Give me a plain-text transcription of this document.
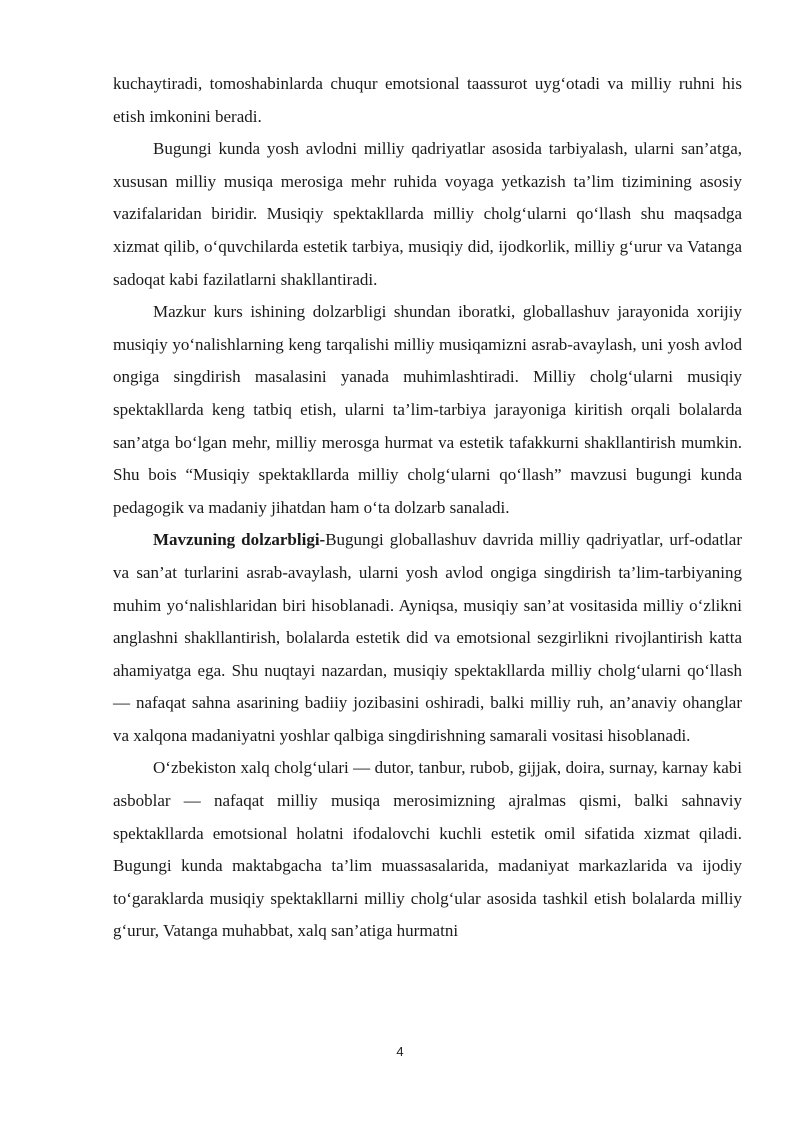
kuchaytiradi, tomoshabinlarda chuqur emotsional taassurot uyg‘otadi va milliy ruhni his etish imkonini beradi.

Bugungi kunda yosh avlodni milliy qadriyatlar asosida tarbiyalash, ularni san’atga, xususan milliy musiqa merosiga mehr ruhida voyaga yetkazish ta’lim tizimining asosiy vazifalaridan biridir. Musiqiy spektakllarda milliy cholg‘ularni qo‘llash shu maqsadga xizmat qilib, o‘quvchilarda estetik tarbiya, musiqiy did, ijodkorlik, milliy g‘urur va Vatanga sadoqat kabi fazilatlarni shakllantiradi.

Mazkur kurs ishining dolzarbligi shundan iboratki, globallashuv jarayonida xorijiy musiqiy yo‘nalishlarning keng tarqalishi milliy musiqamizni asrab-avaylash, uni yosh avlod ongiga singdirish masalasini yanada muhimlashtiradi. Milliy cholg‘ularni musiqiy spektakllarda keng tatbiq etish, ularni ta’lim-tarbiya jarayoniga kiritish orqali bolalarda san’atga bo‘lgan mehr, milliy merosga hurmat va estetik tafakkurni shakllantirish mumkin. Shu bois “Musiqiy spektakllarda milliy cholg‘ularni qo‘llash” mavzusi bugungi kunda pedagogik va madaniy jihatdan ham o‘ta dolzarb sanaladi.

Mavzuning dolzarbligi-Bugungi globallashuv davrida milliy qadriyatlar, urf-odatlar va san’at turlarini asrab-avaylash, ularni yosh avlod ongiga singdirish ta’lim-tarbiyaning muhim yo‘nalishlaridan biri hisoblanadi. Ayniqsa, musiqiy san’at vositasida milliy o‘zlikni anglashni shakllantirish, bolalarda estetik did va emotsional sezgirlikni rivojlantirish katta ahamiyatga ega. Shu nuqtayi nazardan, musiqiy spektakllarda milliy cholg‘ularni qo‘llash — nafaqat sahna asarining badiiy jozibasini oshiradi, balki milliy ruh, an’anaviy ohanglar va xalqona madaniyatni yoshlar qalbiga singdirishning samarali vositasi hisoblanadi.

O‘zbekiston xalq cholg‘ulari — dutor, tanbur, rubob, gijjak, doira, surnay, karnay kabi asboblar — nafaqat milliy musiqa merosimizning ajralmas qismi, balki sahnaviy spektakllarda emotsional holatni ifodalovchi kuchli estetik omil sifatida xizmat qiladi. Bugungi kunda maktabgacha ta’lim muassasalarida, madaniyat markazlarida va ijodiy to‘garaklarda musiqiy spektakllarni milliy cholg‘ular asosida tashkil etish bolalarda milliy g‘urur, Vatanga muhabbat, xalq san’atiga hurmatni

4
